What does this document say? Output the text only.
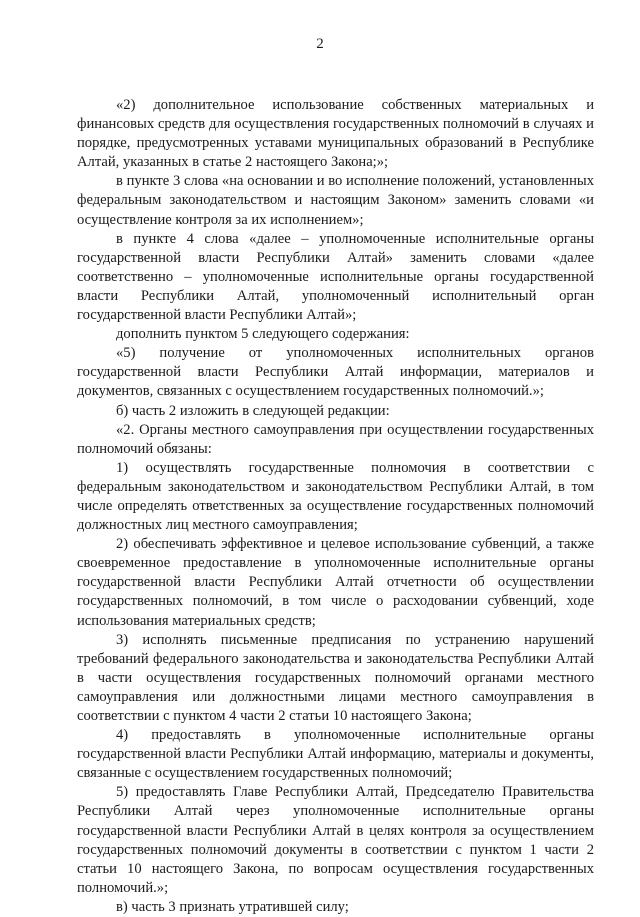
2

«2) дополнительное использование собственных материальных и финансовых средств для осуществления государственных полномочий в случаях и порядке, предусмотренных уставами муниципальных образований в Республике Алтай, указанных в статье 2 настоящего Закона;»;

в пункте 3 слова «на основании и во исполнение положений, установленных федеральным законодательством и настоящим Законом» заменить словами «и осуществление контроля за их исполнением»;

в пункте 4 слова «далее – уполномоченные исполнительные органы государственной власти Республики Алтай» заменить словами «далее соответственно – уполномоченные исполнительные органы государственной власти Республики Алтай, уполномоченный исполнительный орган государственной власти Республики Алтай»;

дополнить пунктом 5 следующего содержания:

«5) получение от уполномоченных исполнительных органов государственной власти Республики Алтай информации, материалов и документов, связанных с осуществлением государственных полномочий.»;

б) часть 2 изложить в следующей редакции:

«2. Органы местного самоуправления при осуществлении государственных полномочий обязаны:

1) осуществлять государственные полномочия в соответствии с федеральным законодательством и законодательством Республики Алтай, в том числе определять ответственных за осуществление государственных полномочий должностных лиц местного самоуправления;

2) обеспечивать эффективное и целевое использование субвенций, а также своевременное предоставление в уполномоченные исполнительные органы государственной власти Республики Алтай отчетности об осуществлении государственных полномочий, в том числе о расходовании субвенций, ходе использования материальных средств;

3) исполнять письменные предписания по устранению нарушений требований федерального законодательства и законодательства Республики Алтай в части осуществления государственных полномочий органами местного самоуправления или должностными лицами местного самоуправления в соответствии с пунктом 4 части 2 статьи 10 настоящего Закона;

4) предоставлять в уполномоченные исполнительные органы государственной власти Республики Алтай информацию, материалы и документы, связанные с осуществлением государственных полномочий;

5) предоставлять Главе Республики Алтай, Председателю Правительства Республики Алтай через уполномоченные исполнительные органы государственной власти Республики Алтай в целях контроля за осуществлением государственных полномочий документы в соответствии с пунктом 1 части 2 статьи 10 настоящего Закона, по вопросам осуществления государственных полномочий.»;

в) часть 3 признать утратившей силу;
